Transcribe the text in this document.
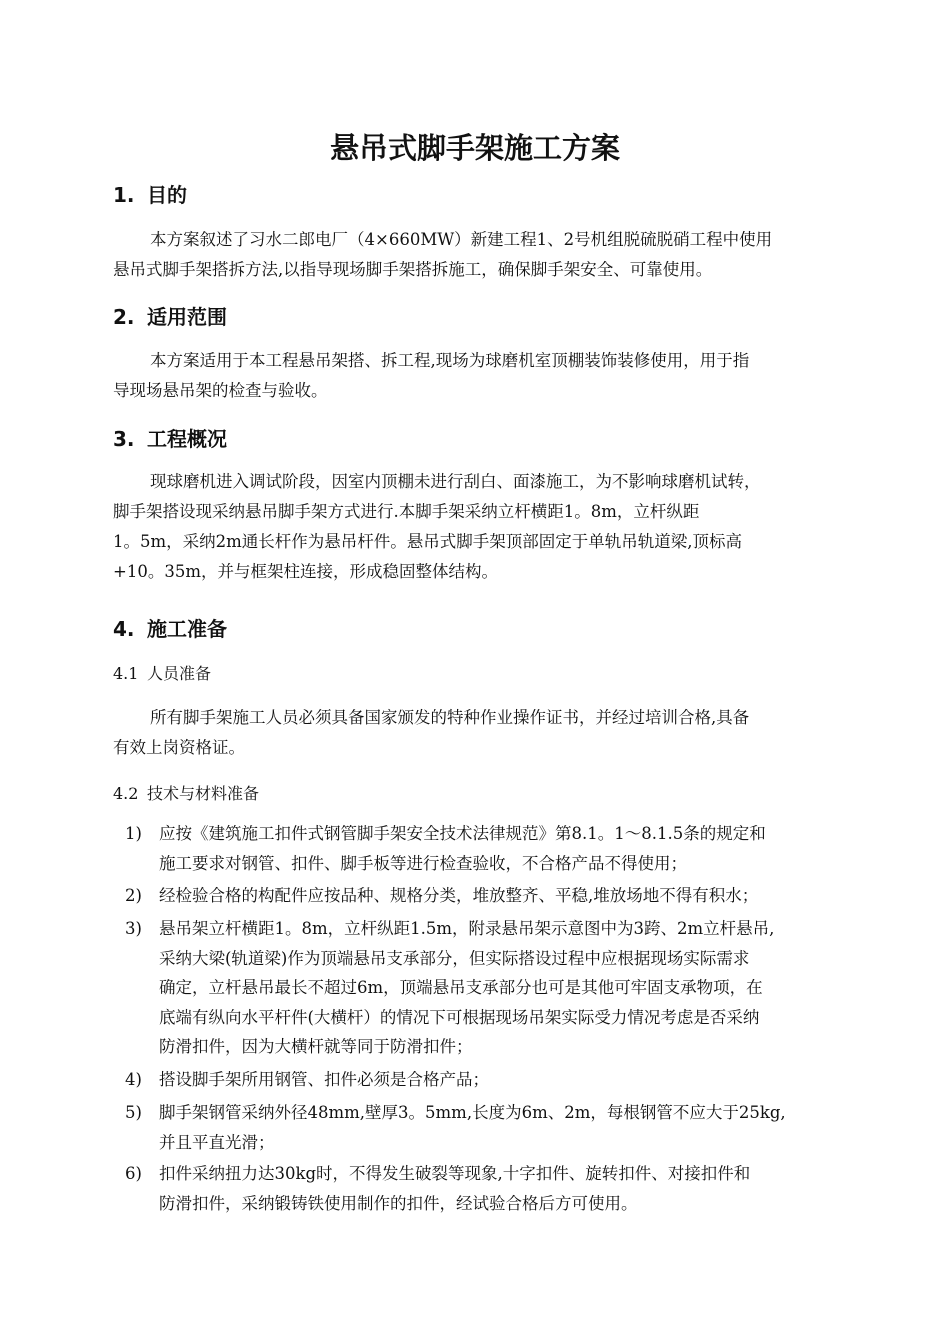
悬吊式脚手架施工方案
1. 目的
本方案叙述了习水二郎电厂（4×660MW）新建工程1、2号机组脱硫脱硝工程中使用
悬吊式脚手架搭拆方法,以指导现场脚手架搭拆施工，确保脚手架安全、可靠使用。
2. 适用范围
本方案适用于本工程悬吊架搭、拆工程,现场为球磨机室顶棚装饰装修使用，用于指
导现场悬吊架的检查与验收。
3. 工程概况
现球磨机进入调试阶段，因室内顶棚未进行刮白、面漆施工，为不影响球磨机试转，
脚手架搭设现采纳悬吊脚手架方式进行.本脚手架采纳立杆横距1。8m，立杆纵距
1。5m，采纳2m通长杆作为悬吊杆件。悬吊式脚手架顶部固定于单轨吊轨道梁,顶标高
+10。35m，并与框架柱连接，形成稳固整体结构。
4. 施工准备
4.1 人员准备
所有脚手架施工人员必须具备国家颁发的特种作业操作证书，并经过培训合格,具备
有效上岗资格证。
4.2 技术与材料准备
1)	应按《建筑施工扣件式钢管脚手架安全技术法律规范》第8.1。1～8.1.5条的规定和
施工要求对钢管、扣件、脚手板等进行检查验收，不合格产品不得使用；
2)	经检验合格的构配件应按品种、规格分类，堆放整齐、平稳,堆放场地不得有积水；
3)	悬吊架立杆横距1。8m，立杆纵距1.5m，附录悬吊架示意图中为3跨、2m立杆悬吊,
采纳大梁(轨道梁)作为顶端悬吊支承部分，但实际搭设过程中应根据现场实际需求
确定，立杆悬吊最长不超过6m，顶端悬吊支承部分也可是其他可牢固支承物项，在
底端有纵向水平杆件(大横杆）的情况下可根据现场吊架实际受力情况考虑是否采纳
防滑扣件，因为大横杆就等同于防滑扣件；
4)	搭设脚手架所用钢管、扣件必须是合格产品；
5)	脚手架钢管采纳外径48mm,壁厚3。5mm,长度为6m、2m，每根钢管不应大于25kg,
并且平直光滑；
6)	扣件采纳扭力达30kg时，不得发生破裂等现象,十字扣件、旋转扣件、对接扣件和
防滑扣件，采纳锻铸铁使用制作的扣件，经试验合格后方可使用。
